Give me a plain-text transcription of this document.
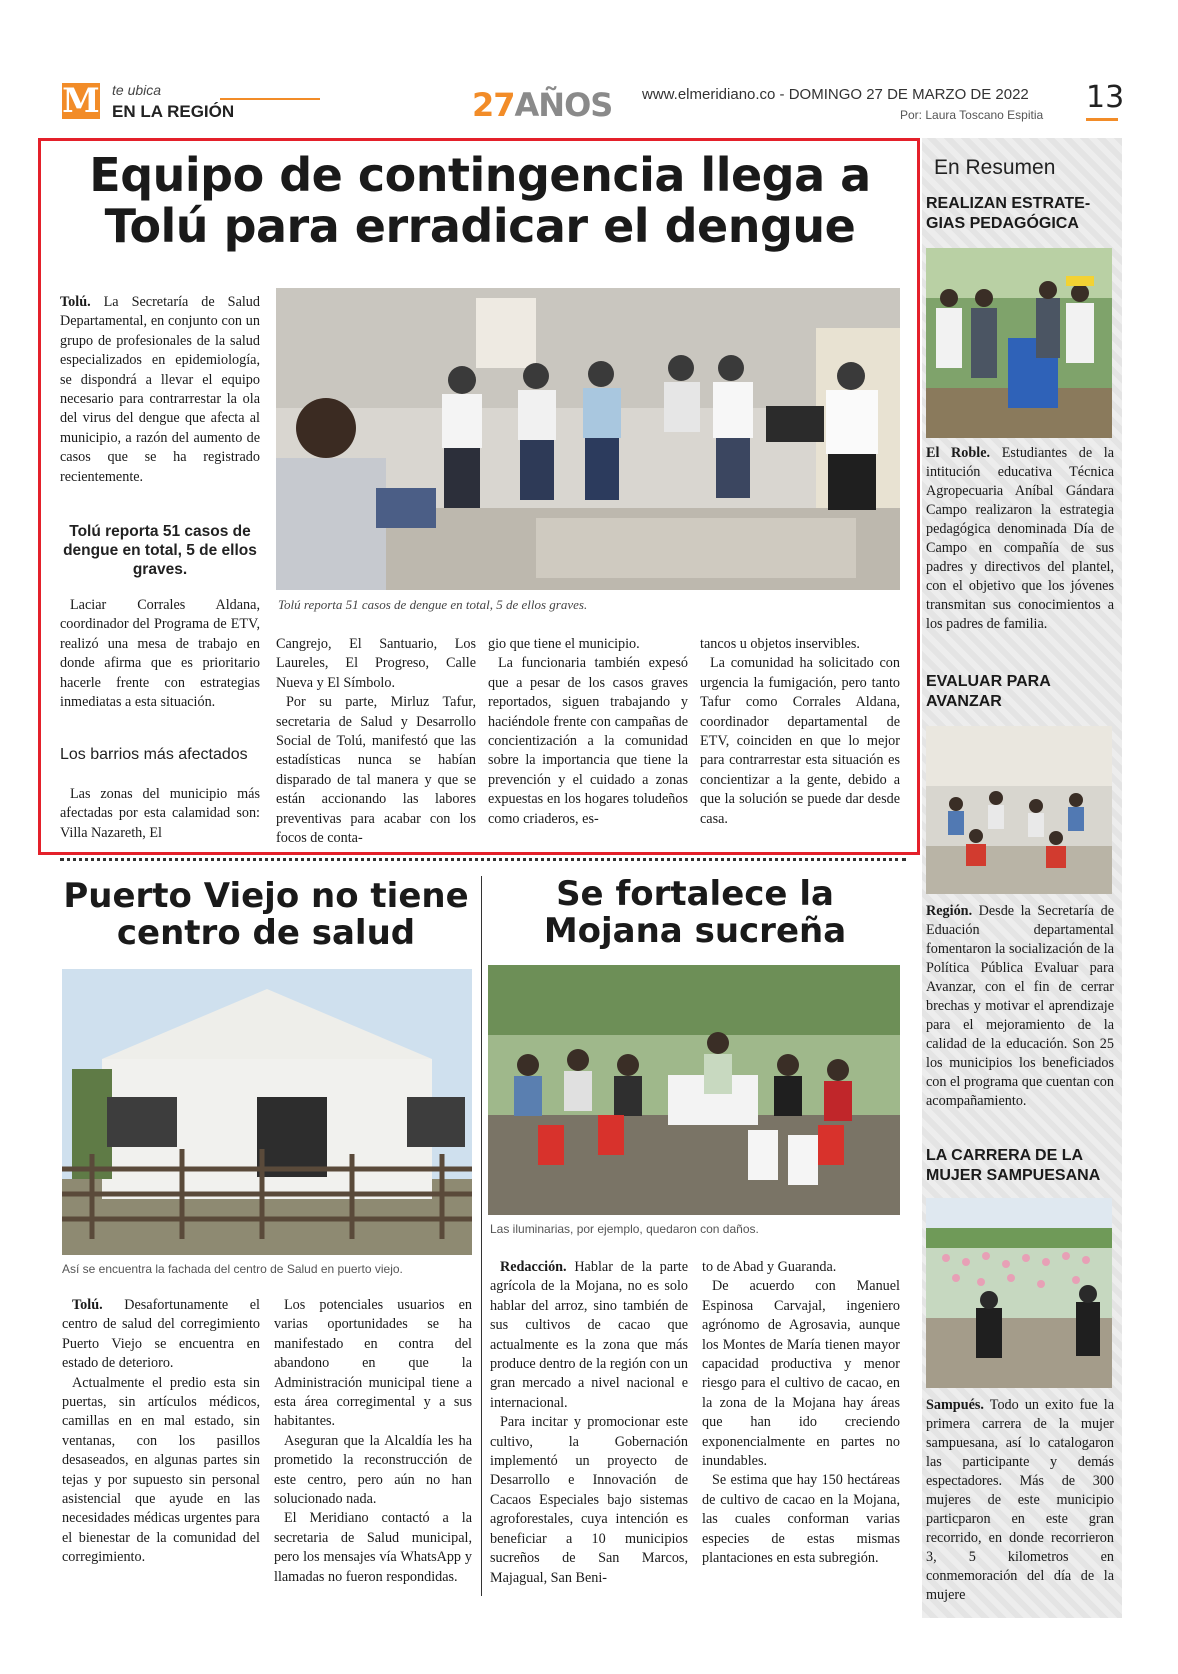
M te ubica
EN LA REGIÓN	27AÑOS www.elmeridiano.co - DOMINGO 27 DE MARZO DE 2022
Por: Laura Toscano Espitia 13
Equipo de contingencia llega a
Tolú para erradicar el dengue

Tolú. La Secretaría de Salud Departamental, en conjunto con un grupo de profesionales de la salud especializados en epidemiología, se dispondrá a llevar el equipo necesario para contrarrestar la ola del virus del dengue que afecta al municipio, a razón del aumento de casos que se ha registrado recientemente.

Tolú reporta 51 casos de dengue en total, 5 de ellos graves.

Laciar Corrales Aldana, coordinador del Programa de ETV, realizó una mesa de trabajo en donde afirma que es prioritario hacerle frente con estrategias inmediatas a esta situación.

Los barrios más afectados

Las zonas del municipio más afectadas por esta calamidad son: Villa Nazareth, El

Tolú reporta 51 casos de dengue en total, 5 de ellos graves.

Cangrejo, El Santuario, Los Laureles, El Progreso, Calle Nueva y El Símbolo.

Por su parte, Mirluz Tafur, secretaria de Salud y Desarrollo Social de Tolú, manifestó que las estadísticas nunca se habían disparado de tal manera y que se están accionando las labores preventivas para acabar con los focos de conta-

gio que tiene el municipio.

La funcionaria también expesó que a pesar de los casos graves reportados, siguen trabajando y haciéndole frente con campañas de concientización a la comunidad sobre la importancia que tiene la prevención y el cuidado a zonas expuestas en los hogares toludeños como criaderos, es-

tancos u objetos inservibles.

La comunidad ha solicitado con urgencia la fumigación, pero tanto Tafur como Corrales Aldana, coordinador departamental de ETV, coinciden en que lo mejor para contrarrestar esta situación es concientizar a la gente, debido a que la solución se puede dar desde casa.

Puerto Viejo no tiene
centro de salud
Así se encuentra la fachada del centro de Salud en puerto viejo.

Tolú. Desafortunamente el centro de salud del corregimiento Puerto Viejo se encuentra en estado de deterioro.

Actualmente el predio esta sin puertas, sin artículos médicos, camillas en en mal estado, sin ventanas, con los pasillos desaseados, en algunas partes sin tejas y por supuesto sin personal asistencial que ayude en las necesidades médicas urgentes para el bienestar de la comunidad del corregimiento.

Los potenciales usuarios en varias oportunidades se ha manifestado en contra del abandono en que la Administración municipal tiene a esta área corregimental y a sus habitantes.

Aseguran que la Alcaldía les ha prometido la reconstrucción de este centro, pero aún no han solucionado nada.

El Meridiano contactó a la secretaria de Salud municipal, pero los mensajes vía WhatsApp y llamadas no fueron respondidas.

Se fortalece la
Mojana sucreña
Las iluminarias, por ejemplo, quedaron con daños.

Redacción. Hablar de la parte agrícola de la Mojana, no es solo hablar del arroz, sino también de sus cultivos de cacao que actualmente es la zona que más produce dentro de la región con un gran mercado a nivel nacional e internacional.

Para incitar y promocionar este cultivo, la Gobernación implementó un proyecto de Desarrollo e Innovación de Cacaos Especiales bajo sistemas agroforestales, cuya intención es beneficiar a 10 municipios sucreños de San Marcos, Majagual, San Beni-

to de Abad y Guaranda.

De acuerdo con Manuel Espinosa Carvajal, ingeniero agrónomo de Agrosavia, aunque los Montes de María tienen mayor capacidad productiva y menor riesgo para el cultivo de cacao, en la zona de la Mojana hay áreas que han ido creciendo exponencialmente en partes no inundables.

Se estima que hay 150 hectáreas de cultivo de cacao en la Mojana, las cuales conforman varias especies de estas mismas plantaciones en esta subregión.

En Resumen
REALIZAN ESTRATE-
GIAS PEDAGÓGICA
El Roble. Estudiantes de la intitución educativa Técnica Agropecuaria Aníbal Gándara Campo realizaron la estrategia pedagógica denominada Día de Campo en compañía de sus padres y directivos del plantel, con el objetivo que los jóvenes transmitan sus conocimientos a los padres de familia.
EVALUAR PARA
AVANZAR
Región. Desde la Secretaría de Eduación departamental fomentaron la socialización de la Política Pública Evaluar para Avanzar, con el fin de cerrar brechas y motivar el aprendizaje para el mejoramiento de la calidad de la educación. Son 25 los municipios los beneficiados con el programa que cuentan con acompañamiento.
LA CARRERA DE LA
MUJER SAMPUESANA
Sampués. Todo un exito fue la primera carrera de la mujer sampuesana, así lo catalogaron las participante y demás espectadores. Más de 300 mujeres de este municipio particparon en este gran recorrido, en donde recorrieron 3, 5 kilometros en conmemoración del día de la mujere
